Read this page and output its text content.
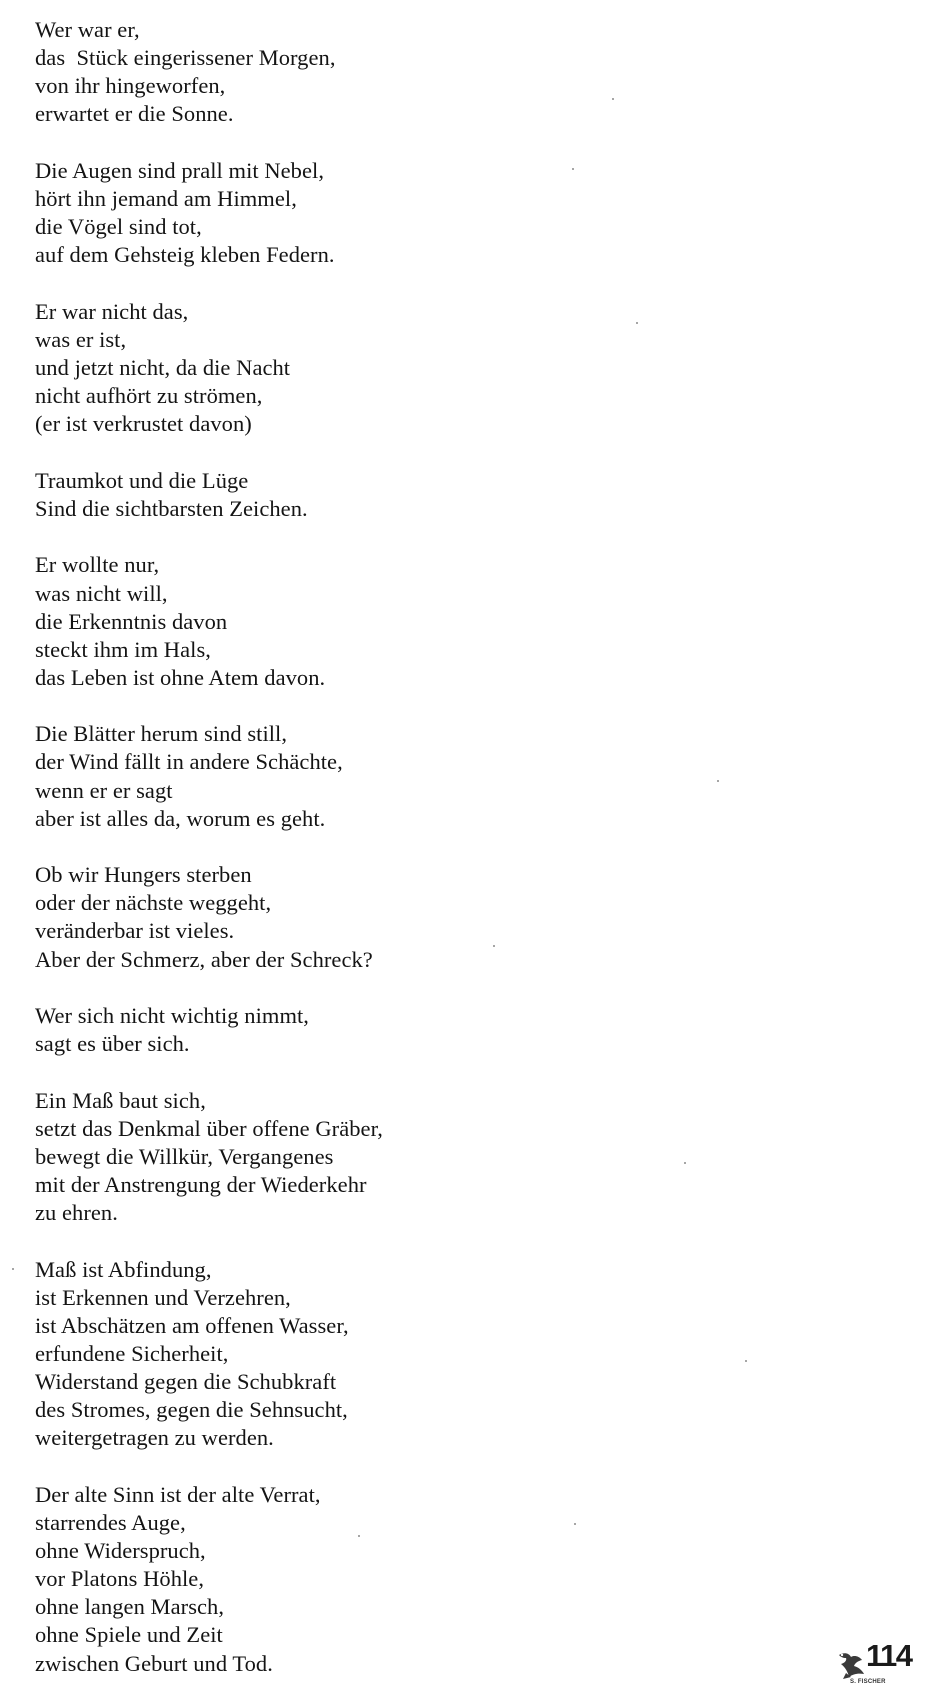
Wer war er,
das  Stück eingerissener Morgen,
von ihr hingeworfen,
erwartet er die Sonne.
Die Augen sind prall mit Nebel,
hört ihn jemand am Himmel,
die Vögel sind tot,
auf dem Gehsteig kleben Federn.
Er war nicht das,
was er ist,
und jetzt nicht, da die Nacht
nicht aufhört zu strömen,
(er ist verkrustet davon)
Traumkot und die Lüge
Sind die sichtbarsten Zeichen.
Er wollte nur,
was nicht will,
die Erkenntnis davon
steckt ihm im Hals,
das Leben ist ohne Atem davon.
Die Blätter herum sind still,
der Wind fällt in andere Schächte,
wenn er er sagt
aber ist alles da, worum es geht.
Ob wir Hungers sterben
oder der nächste weggeht,
veränderbar ist vieles.
Aber der Schmerz, aber der Schreck?
Wer sich nicht wichtig nimmt,
sagt es über sich.
Ein Maß baut sich,
setzt das Denkmal über offene Gräber,
bewegt die Willkür, Vergangenes
mit der Anstrengung der Wiederkehr
zu ehren.
Maß ist Abfindung,
ist Erkennen und Verzehren,
ist Abschätzen am offenen Wasser,
erfundene Sicherheit,
Widerstand gegen die Schubkraft
des Stromes, gegen die Sehnsucht,
weitergetragen zu werden.
Der alte Sinn ist der alte Verrat,
starrendes Auge,
ohne Widerspruch,
vor Platons Höhle,
ohne langen Marsch,
ohne Spiele und Zeit
zwischen Geburt und Tod.	114
S. FISCHER
